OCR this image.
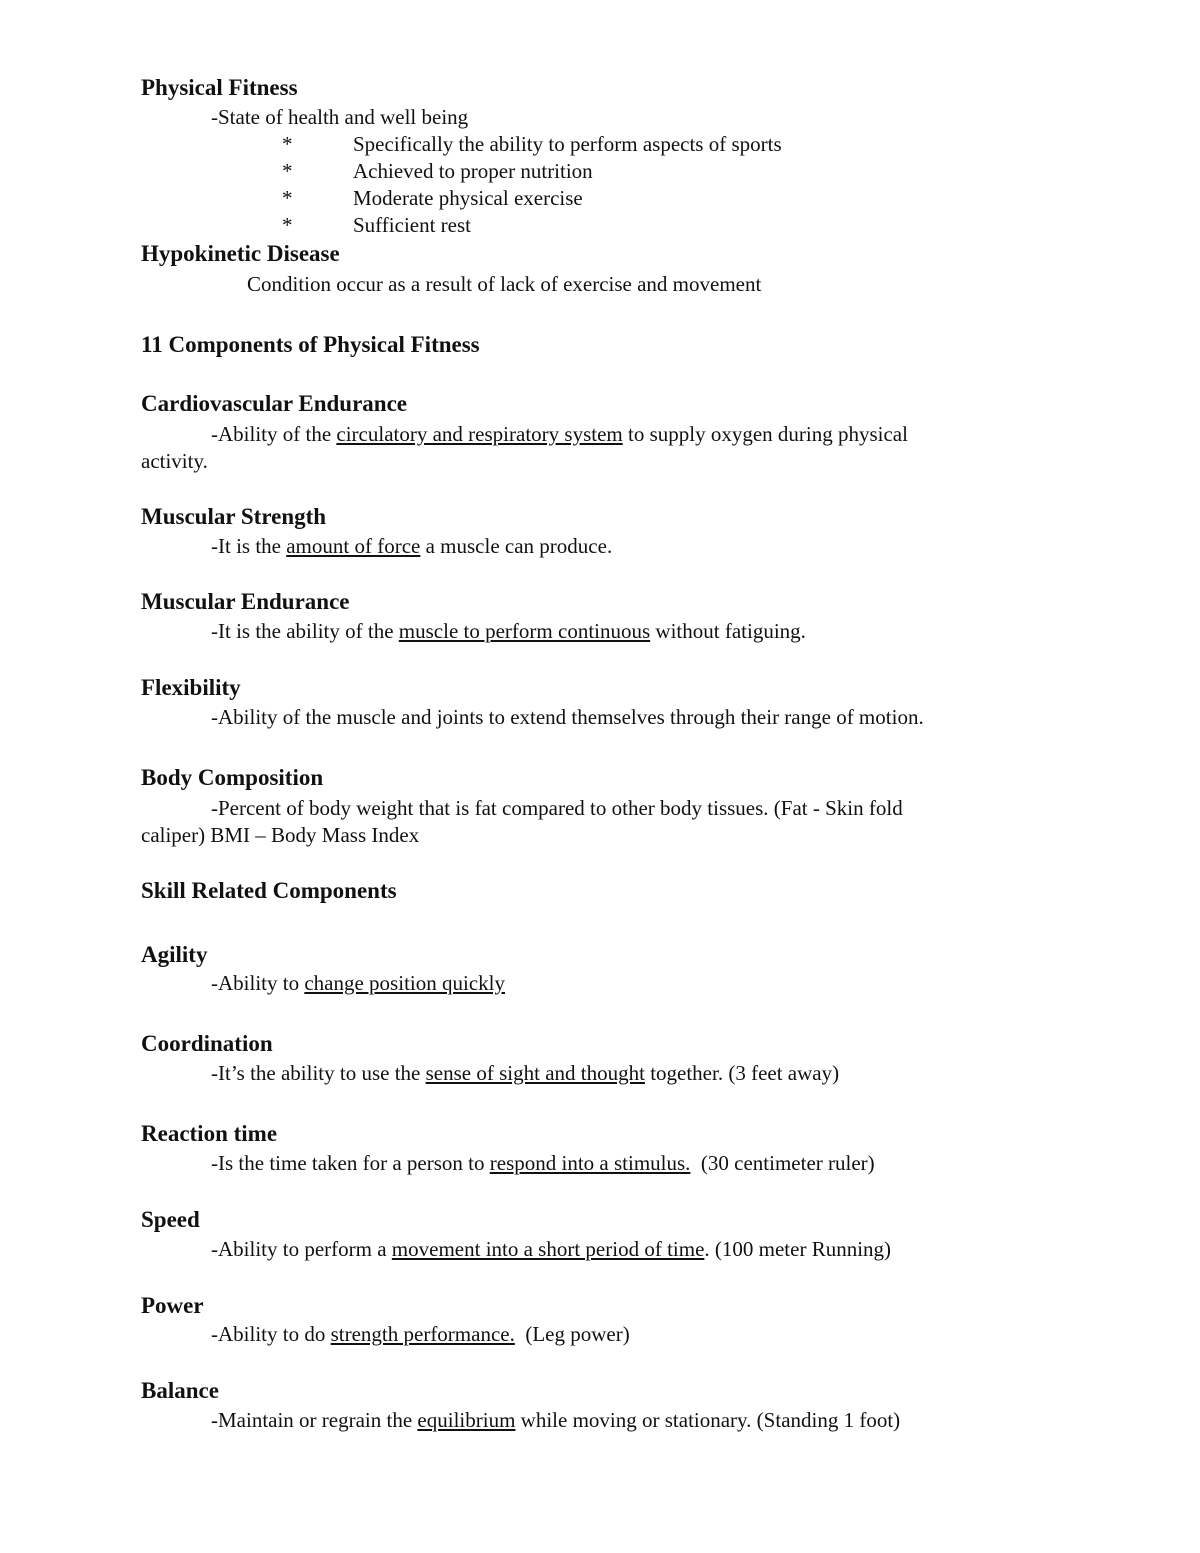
Physical Fitness
-State of health and well being
*	Specifically the ability to perform aspects of sports
*	Achieved to proper nutrition
*	Moderate physical exercise
*	Sufficient rest
Hypokinetic Disease
Condition occur as a result of lack of exercise and movement
11 Components of Physical Fitness
Cardiovascular Endurance
-Ability of the circulatory and respiratory system to supply oxygen during physical
activity.
Muscular Strength
-It is the amount of force a muscle can produce.
Muscular Endurance
-It is the ability of the muscle to perform continuous without fatiguing.
Flexibility
-Ability of the muscle and joints to extend themselves through their range of motion.
Body Composition
-Percent of body weight that is fat compared to other body tissues. (Fat - Skin fold
caliper) BMI – Body Mass Index
Skill Related Components
Agility
-Ability to change position quickly
Coordination
-It’s the ability to use the sense of sight and thought together. (3 feet away)
Reaction time
-Is the time taken for a person to respond into a stimulus.  (30 centimeter ruler)
Speed
-Ability to perform a movement into a short period of time. (100 meter Running)
Power
-Ability to do strength performance.  (Leg power)
Balance
-Maintain or regrain the equilibrium while moving or stationary. (Standing 1 foot)
